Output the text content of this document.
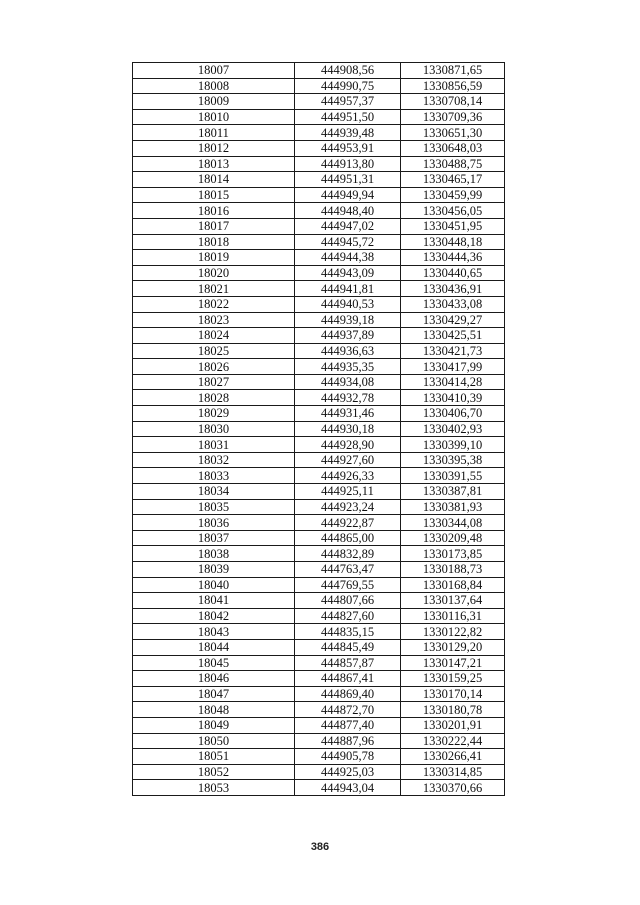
18007	444908,56	1330871,65
18008	444990,75	1330856,59
18009	444957,37	1330708,14
18010	444951,50	1330709,36
18011	444939,48	1330651,30
18012	444953,91	1330648,03
18013	444913,80	1330488,75
18014	444951,31	1330465,17
18015	444949,94	1330459,99
18016	444948,40	1330456,05
18017	444947,02	1330451,95
18018	444945,72	1330448,18
18019	444944,38	1330444,36
18020	444943,09	1330440,65
18021	444941,81	1330436,91
18022	444940,53	1330433,08
18023	444939,18	1330429,27
18024	444937,89	1330425,51
18025	444936,63	1330421,73
18026	444935,35	1330417,99
18027	444934,08	1330414,28
18028	444932,78	1330410,39
18029	444931,46	1330406,70
18030	444930,18	1330402,93
18031	444928,90	1330399,10
18032	444927,60	1330395,38
18033	444926,33	1330391,55
18034	444925,11	1330387,81
18035	444923,24	1330381,93
18036	444922,87	1330344,08
18037	444865,00	1330209,48
18038	444832,89	1330173,85
18039	444763,47	1330188,73
18040	444769,55	1330168,84
18041	444807,66	1330137,64
18042	444827,60	1330116,31
18043	444835,15	1330122,82
18044	444845,49	1330129,20
18045	444857,87	1330147,21
18046	444867,41	1330159,25
18047	444869,40	1330170,14
18048	444872,70	1330180,78
18049	444877,40	1330201,91
18050	444887,96	1330222,44
18051	444905,78	1330266,41
18052	444925,03	1330314,85
18053	444943,04	1330370,66
386
